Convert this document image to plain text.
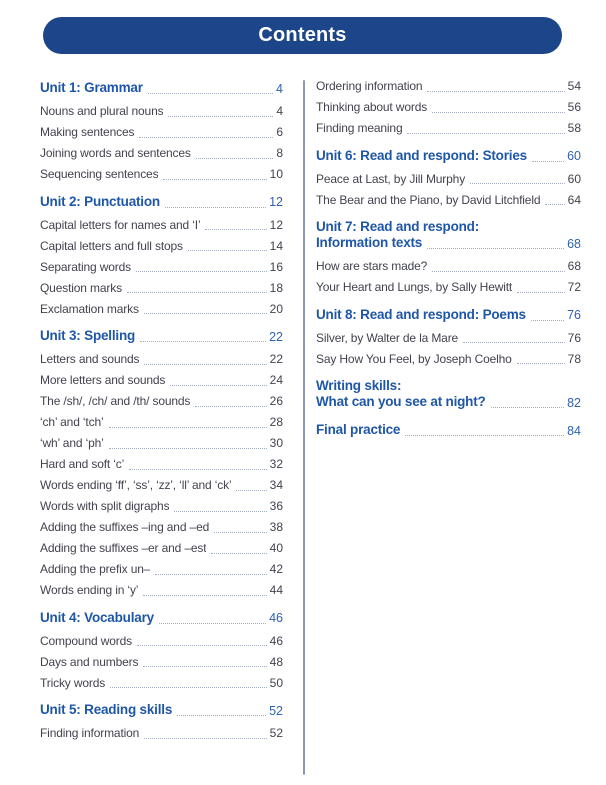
Contents
Unit 1: Grammar	4
Nouns and plural nouns	4
Making sentences	6
Joining words and sentences	8
Sequencing sentences	10
Unit 2: Punctuation	12
Capital letters for names and ‘I’	12
Capital letters and full stops	14
Separating words	16
Question marks	18
Exclamation marks	20
Unit 3: Spelling	22
Letters and sounds	22
More letters and sounds	24
The /sh/, /ch/ and /th/ sounds	26
‘ch’ and ‘tch’	28
‘wh’ and ‘ph’	30
Hard and soft ‘c’	32
Words ending ‘ff’, ‘ss’, ‘zz’, ‘ll’ and ‘ck’	34
Words with split digraphs	36
Adding the suffixes –ing and –ed	38
Adding the suffixes –er and –est	40
Adding the prefix un–	42
Words ending in ‘y’	44
Unit 4: Vocabulary	46
Compound words	46
Days and numbers	48
Tricky words	50
Unit 5: Reading skills	52
Finding information	52
Ordering information	54
Thinking about words	56
Finding meaning	58
Unit 6: Read and respond: Stories	60
Peace at Last, by Jill Murphy	60
The Bear and the Piano, by David Litchfield 64
Unit 7: Read and respond:
Information texts	68
How are stars made?	68
Your Heart and Lungs, by Sally Hewitt	72
Unit 8: Read and respond: Poems	76
Silver, by Walter de la Mare	76
Say How You Feel, by Joseph Coelho	78
Writing skills:
What can you see at night?	82
Final practice	84
